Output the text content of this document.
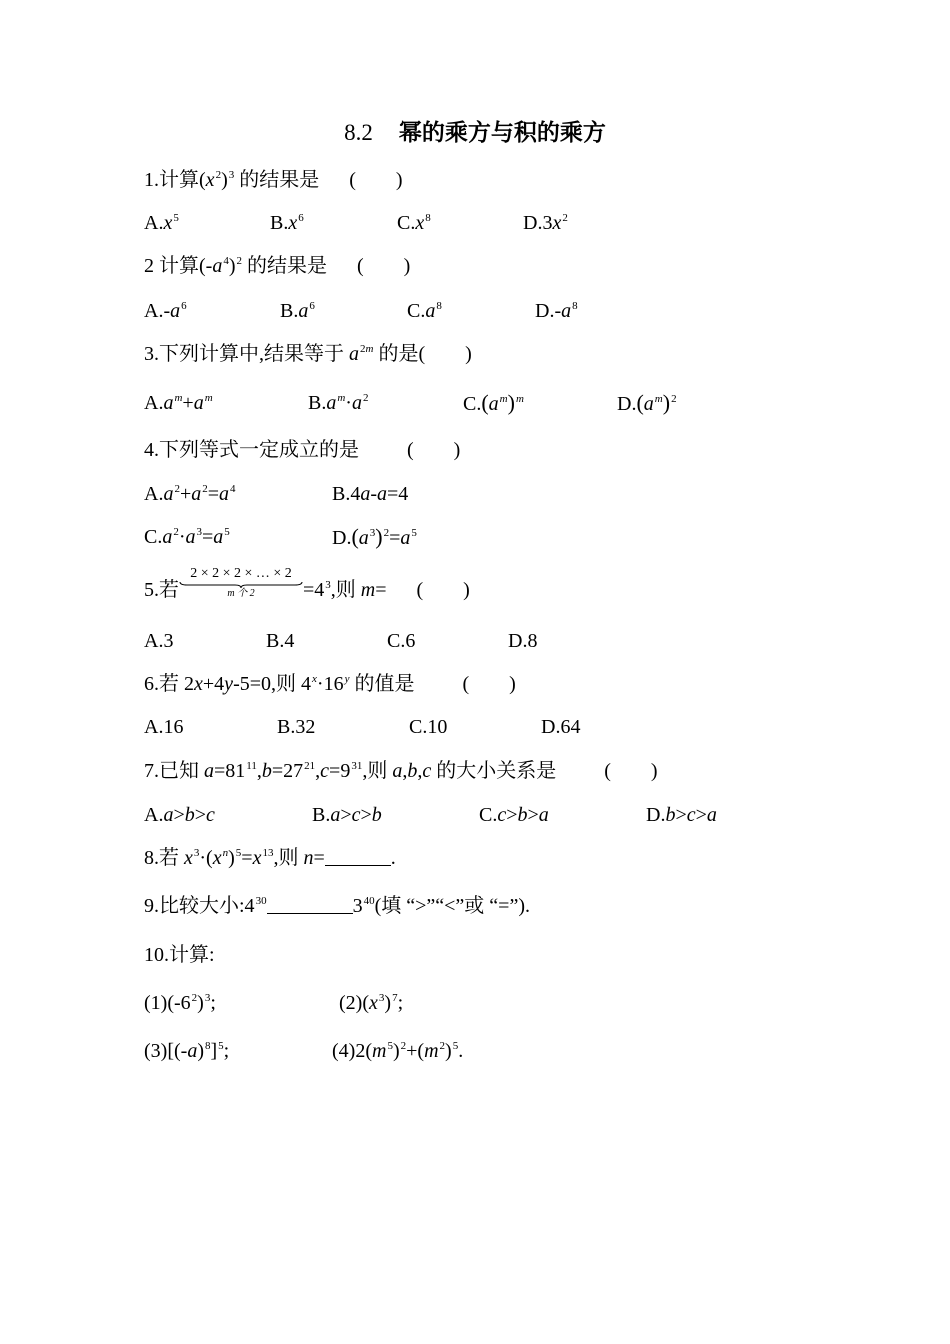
8.2 幂的乘方与积的乘方
1.计算$(x^2)^3$ 的结果是 (　　)
$A.x^5$	$B.x^6$	$C.x^8$	$D.3x^2$
2 计算$(-a^4)^2$ 的结果是 (　　)
$A.-a^6$	$B.a^6$	$C.a^8$	$D.-a^8$
3.下列计算中,结果等于 $a^{2m}$ 的是(　　)
$A.a^m+a^m$	$B.a^m\cdot a^2$	$C.(a^m)^m$	$D.(a^m)^2$
4.下列等式一定成立的是 (　　)
$A.a^2+a^2=a^4$	B.4a-a=4
$C.a^2\cdot a^3=a^5$	$D.(a^3)^2=a^5$
5.若
2 × 2 × 2 × … × 2
m 个 2	$=4^3$,则 m= (　　)
A.3	B.4	C.6	D.8
6.若 2x+4y-5=0,则 $4^x\cdot 16^y$ 的值是 (　　)
A.16	B.32	C.10	D.64
7.已知 $a=81^{11},b=27^{21},c=9^{31}$,则 a,b,c 的大小关系是 (　　)
A.a>b>c	B.a>c>b	C.c>b>a	D.b>c>a
8.若 $x^3\cdot(x^n)^5=x^{13}$,则 n=	.
9.比较大小$:4^{30}$	$3^{40}$(填 “>”“<”或 “=”).
10.计算:
$(1)(-6^2)^3$;	$(2)(x^3)^7$;
$(3)[(-a)^8]^5$;	$(4)2(m^5)^2+(m^2)^5$.
